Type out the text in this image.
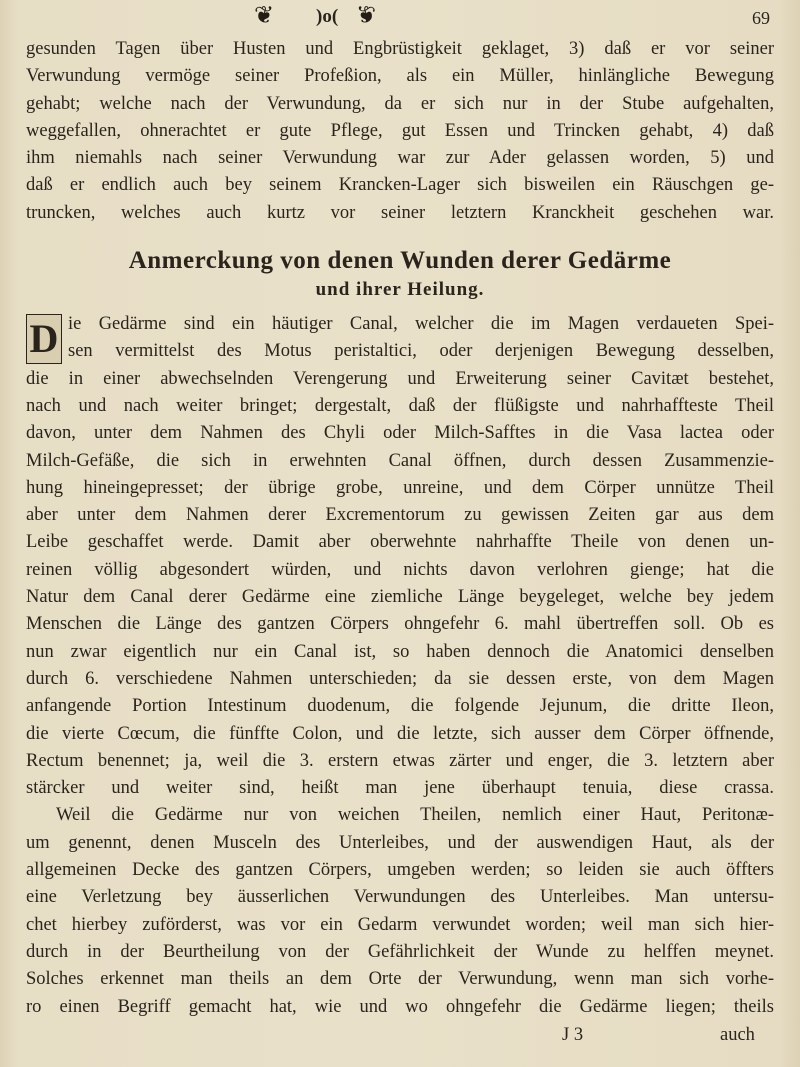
❦ )o( ❦	69
gesunden Tagen über Husten und Engbrüstigkeit geklaget, 3) daß er vor seiner
Verwundung vermöge seiner Profeßion, als ein Müller, hinlängliche Bewegung
gehabt; welche nach der Verwundung, da er sich nur in der Stube aufgehalten,
weggefallen, ohnerachtet er gute Pflege, gut Essen und Trincken gehabt, 4) daß
ihm niemahls nach seiner Verwundung war zur Ader gelassen worden, 5) und
daß er endlich auch bey seinem Krancken-Lager sich bisweilen ein Räuschgen ge-
truncken, welches auch kurtz vor seiner letztern Kranckheit geschehen war.
Anmerckung von denen Wunden derer Gedärme
und ihrer Heilung.
D ie Gedärme sind ein häutiger Canal, welcher die im Magen verdaueten Spei-
sen vermittelst des Motus peristaltici, oder derjenigen Bewegung desselben,
die in einer abwechselnden Verengerung und Erweiterung seiner Cavitæt bestehet,
nach und nach weiter bringet; dergestalt, daß der flüßigste und nahrhaffteste Theil
davon, unter dem Nahmen des Chyli oder Milch-Safftes in die Vasa lactea oder
Milch-Gefäße, die sich in erwehnten Canal öffnen, durch dessen Zusammenzie-
hung hineingepresset; der übrige grobe, unreine, und dem Cörper unnütze Theil
aber unter dem Nahmen derer Excrementorum zu gewissen Zeiten gar aus dem
Leibe geschaffet werde. Damit aber oberwehnte nahrhaffte Theile von denen un-
reinen völlig abgesondert würden, und nichts davon verlohren gienge; hat die
Natur dem Canal derer Gedärme eine ziemliche Länge beygeleget, welche bey jedem
Menschen die Länge des gantzen Cörpers ohngefehr 6. mahl übertreffen soll. Ob es
nun zwar eigentlich nur ein Canal ist, so haben dennoch die Anatomici denselben
durch 6. verschiedene Nahmen unterschieden; da sie dessen erste, von dem Magen
anfangende Portion Intestinum duodenum, die folgende Jejunum, die dritte Ileon,
die vierte Cœcum, die fünffte Colon, und die letzte, sich ausser dem Cörper öffnende,
Rectum benennet; ja, weil die 3. erstern etwas zärter und enger, die 3. letztern aber
stärcker und weiter sind, heißt man jene überhaupt tenuia, diese crassa.
Weil die Gedärme nur von weichen Theilen, nemlich einer Haut, Peritonæ-
um genennt, denen Musceln des Unterleibes, und der auswendigen Haut, als der
allgemeinen Decke des gantzen Cörpers, umgeben werden; so leiden sie auch öffters
eine Verletzung bey äusserlichen Verwundungen des Unterleibes. Man untersu-
chet hierbey zuförderst, was vor ein Gedarm verwundet worden; weil man sich hier-
durch in der Beurtheilung von der Gefährlichkeit der Wunde zu helffen meynet.
Solches erkennet man theils an dem Orte der Verwundung, wenn man sich vorhe-
ro einen Begriff gemacht hat, wie und wo ohngefehr die Gedärme liegen; theils
J 3	auch
